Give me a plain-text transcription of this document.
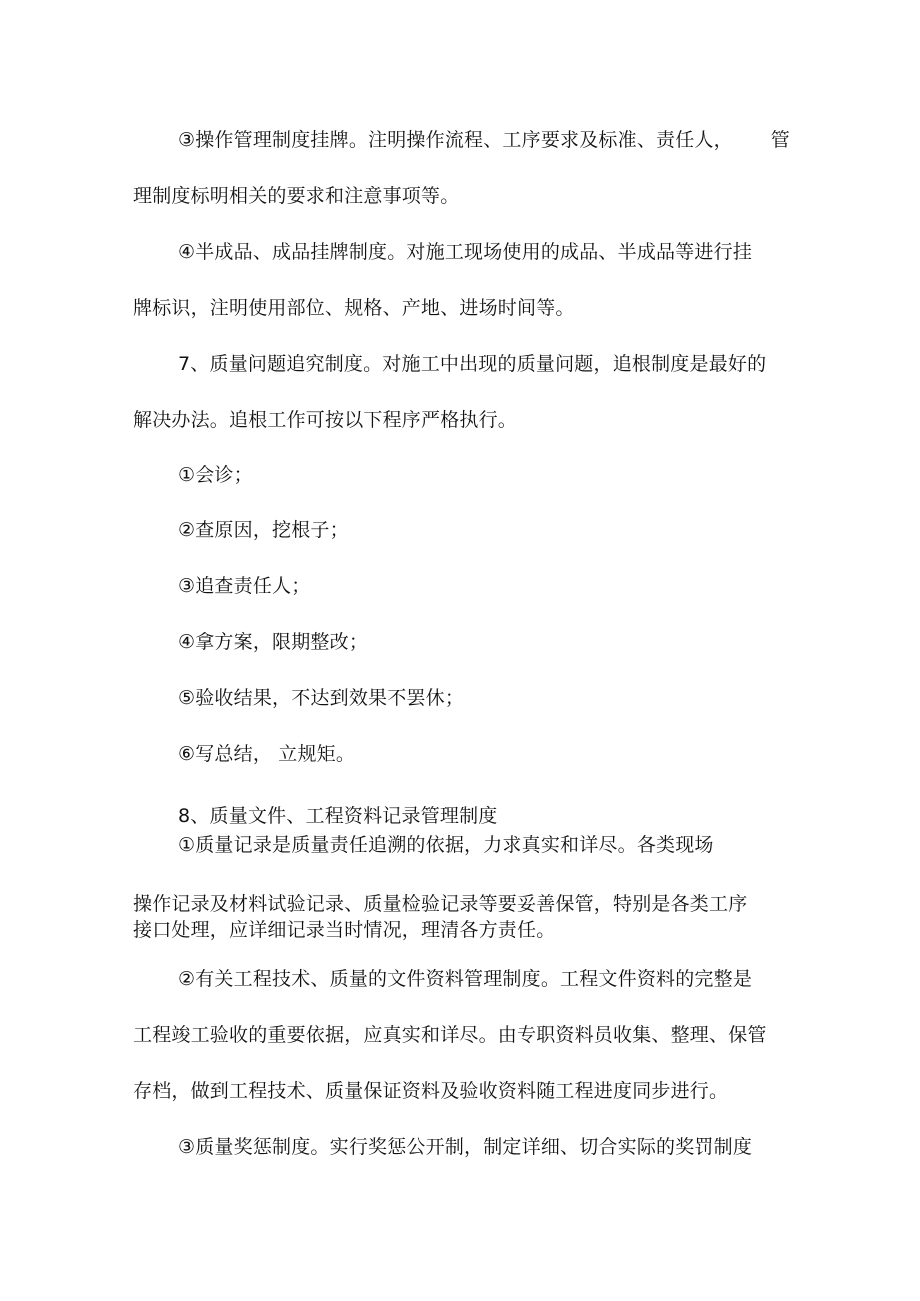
③操作管理制度挂牌。注明操作流程、工序要求及标准、责任人， 管
理制度标明相关的要求和注意事项等。
④半成品、成品挂牌制度。对施工现场使用的成品、半成品等进行挂
牌标识，注明使用部位、规格、产地、进场时间等。
7、质量问题追究制度。对施工中出现的质量问题，追根制度是最好的
解决办法。追根工作可按以下程序严格执行。
①会诊；
②查原因，挖根子；
③追查责任人；
④拿方案，限期整改；
⑤验收结果，不达到效果不罢休；
⑥写总结， 立规矩。
8、质量文件、工程资料记录管理制度
①质量记录是质量责任追溯的依据，力求真实和详尽。各类现场
操作记录及材料试验记录、质量检验记录等要妥善保管，特别是各类工序
接口处理，应详细记录当时情况，理清各方责任。
②有关工程技术、质量的文件资料管理制度。工程文件资料的完整是
工程竣工验收的重要依据，应真实和详尽。由专职资料员收集、整理、保管
存档，做到工程技术、质量保证资料及验收资料随工程进度同步进行。
③质量奖惩制度。实行奖惩公开制，制定详细、切合实际的奖罚制度
